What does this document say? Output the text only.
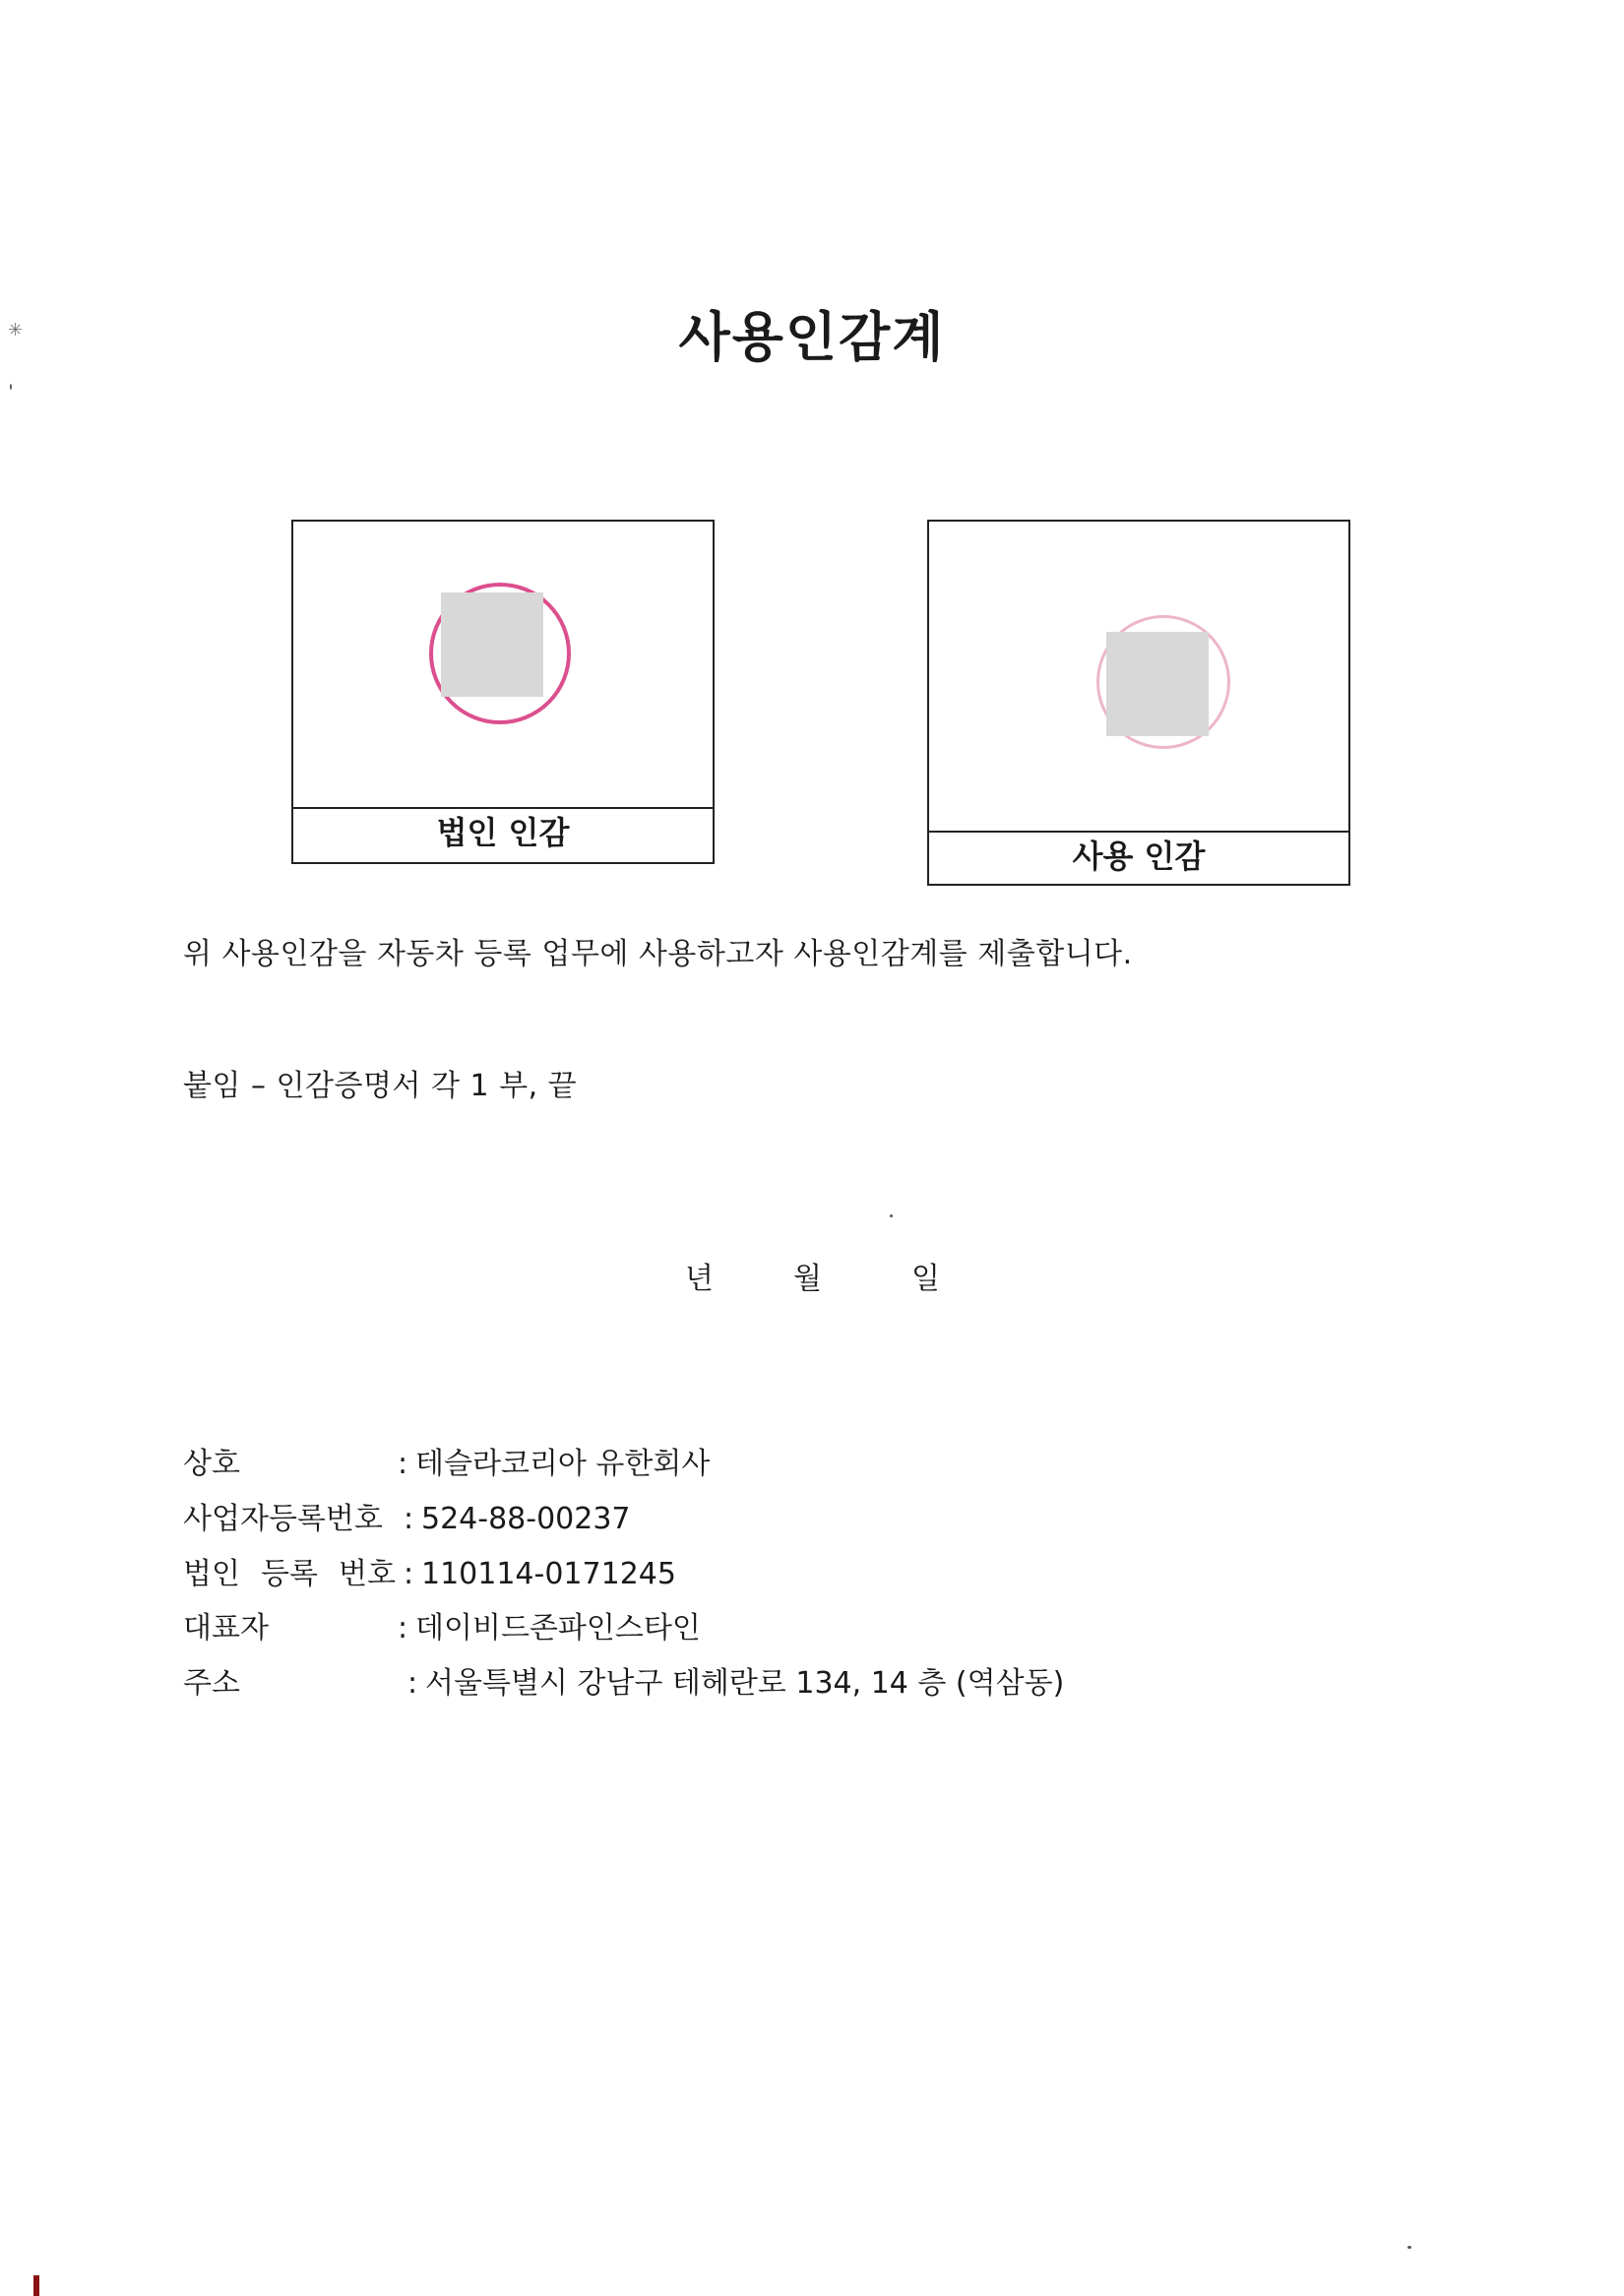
사용인감계
법인 인감
사용 인감
위 사용인감을 자동차 등록 업무에 사용하고자 사용인감계를 제출합니다.
붙임 – 인감증명서 각 1 부, 끝
년	월	일
상호	: 테슬라코리아 유한회사
사업자등록번호 : 524-88-00237
법인 등록 번호 : 110114-0171245
대표자	: 데이비드존파인스타인
주소	: 서울특별시 강남구 테헤란로 134, 14 층 (역삼동)
✳
